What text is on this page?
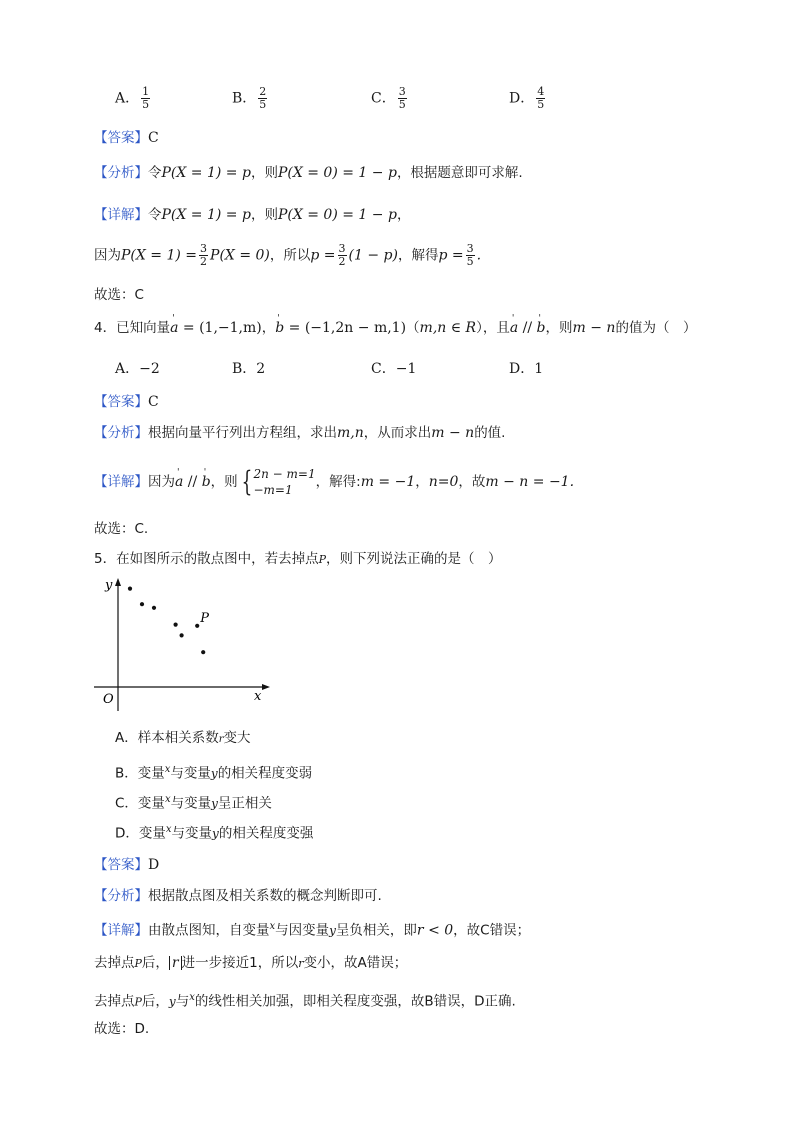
A． $\frac{1}{5}$	B． $\frac{2}{5}$	C． $\frac{3}{5}$	D． $\frac{4}{5}$
【答案】C
【分析】令P(X = 1) = p，则P(X = 0) = 1 − p，根据题意即可求解.
【详解】令P(X = 1) = p，则P(X = 0) = 1 − p，
因为$P(X = 1) = \frac{3}{2} P(X = 0)$，所以$p = \frac{3}{2} (1 - p)$，解得$p = \frac{3}{5}$ .
故选：C
4．已知向量' a = (1,−1,m)，' b = (−1,2n − m,1)（m,n ∈ R），且' a // ' b，则m − n的值为（　）
A．−2	B．2	C．−1	D．1
【答案】C
【分析】根据向量平行列出方程组，求出m,n，从而求出m − n的值.
【详解】因为' a // ' b，则 { 2n − m=1
−m=1	，解得:m = −1，n=0，故m − n = −1.
故选：C.
5．在如图所示的散点图中，若去掉点P，则下列说法正确的是（　）
x
y
O
P
A．样本相关系数r变大
B．变量$^x$与变量y的相关程度变弱
C．变量$^x$与变量y呈正相关
D．变量$^x$与变量y的相关程度变强
【答案】D
【分析】根据散点图及相关系数的概念判断即可.
【详解】由散点图知，自变量$^x$与因变量y呈负相关，即r < 0，故C错误；
去掉点P后， r 进一步接近1，所以r变小，故A错误；
去掉点P后，y与$^x$的线性相关加强，即相关程度变强，故B错误，D正确.
故选：D.
